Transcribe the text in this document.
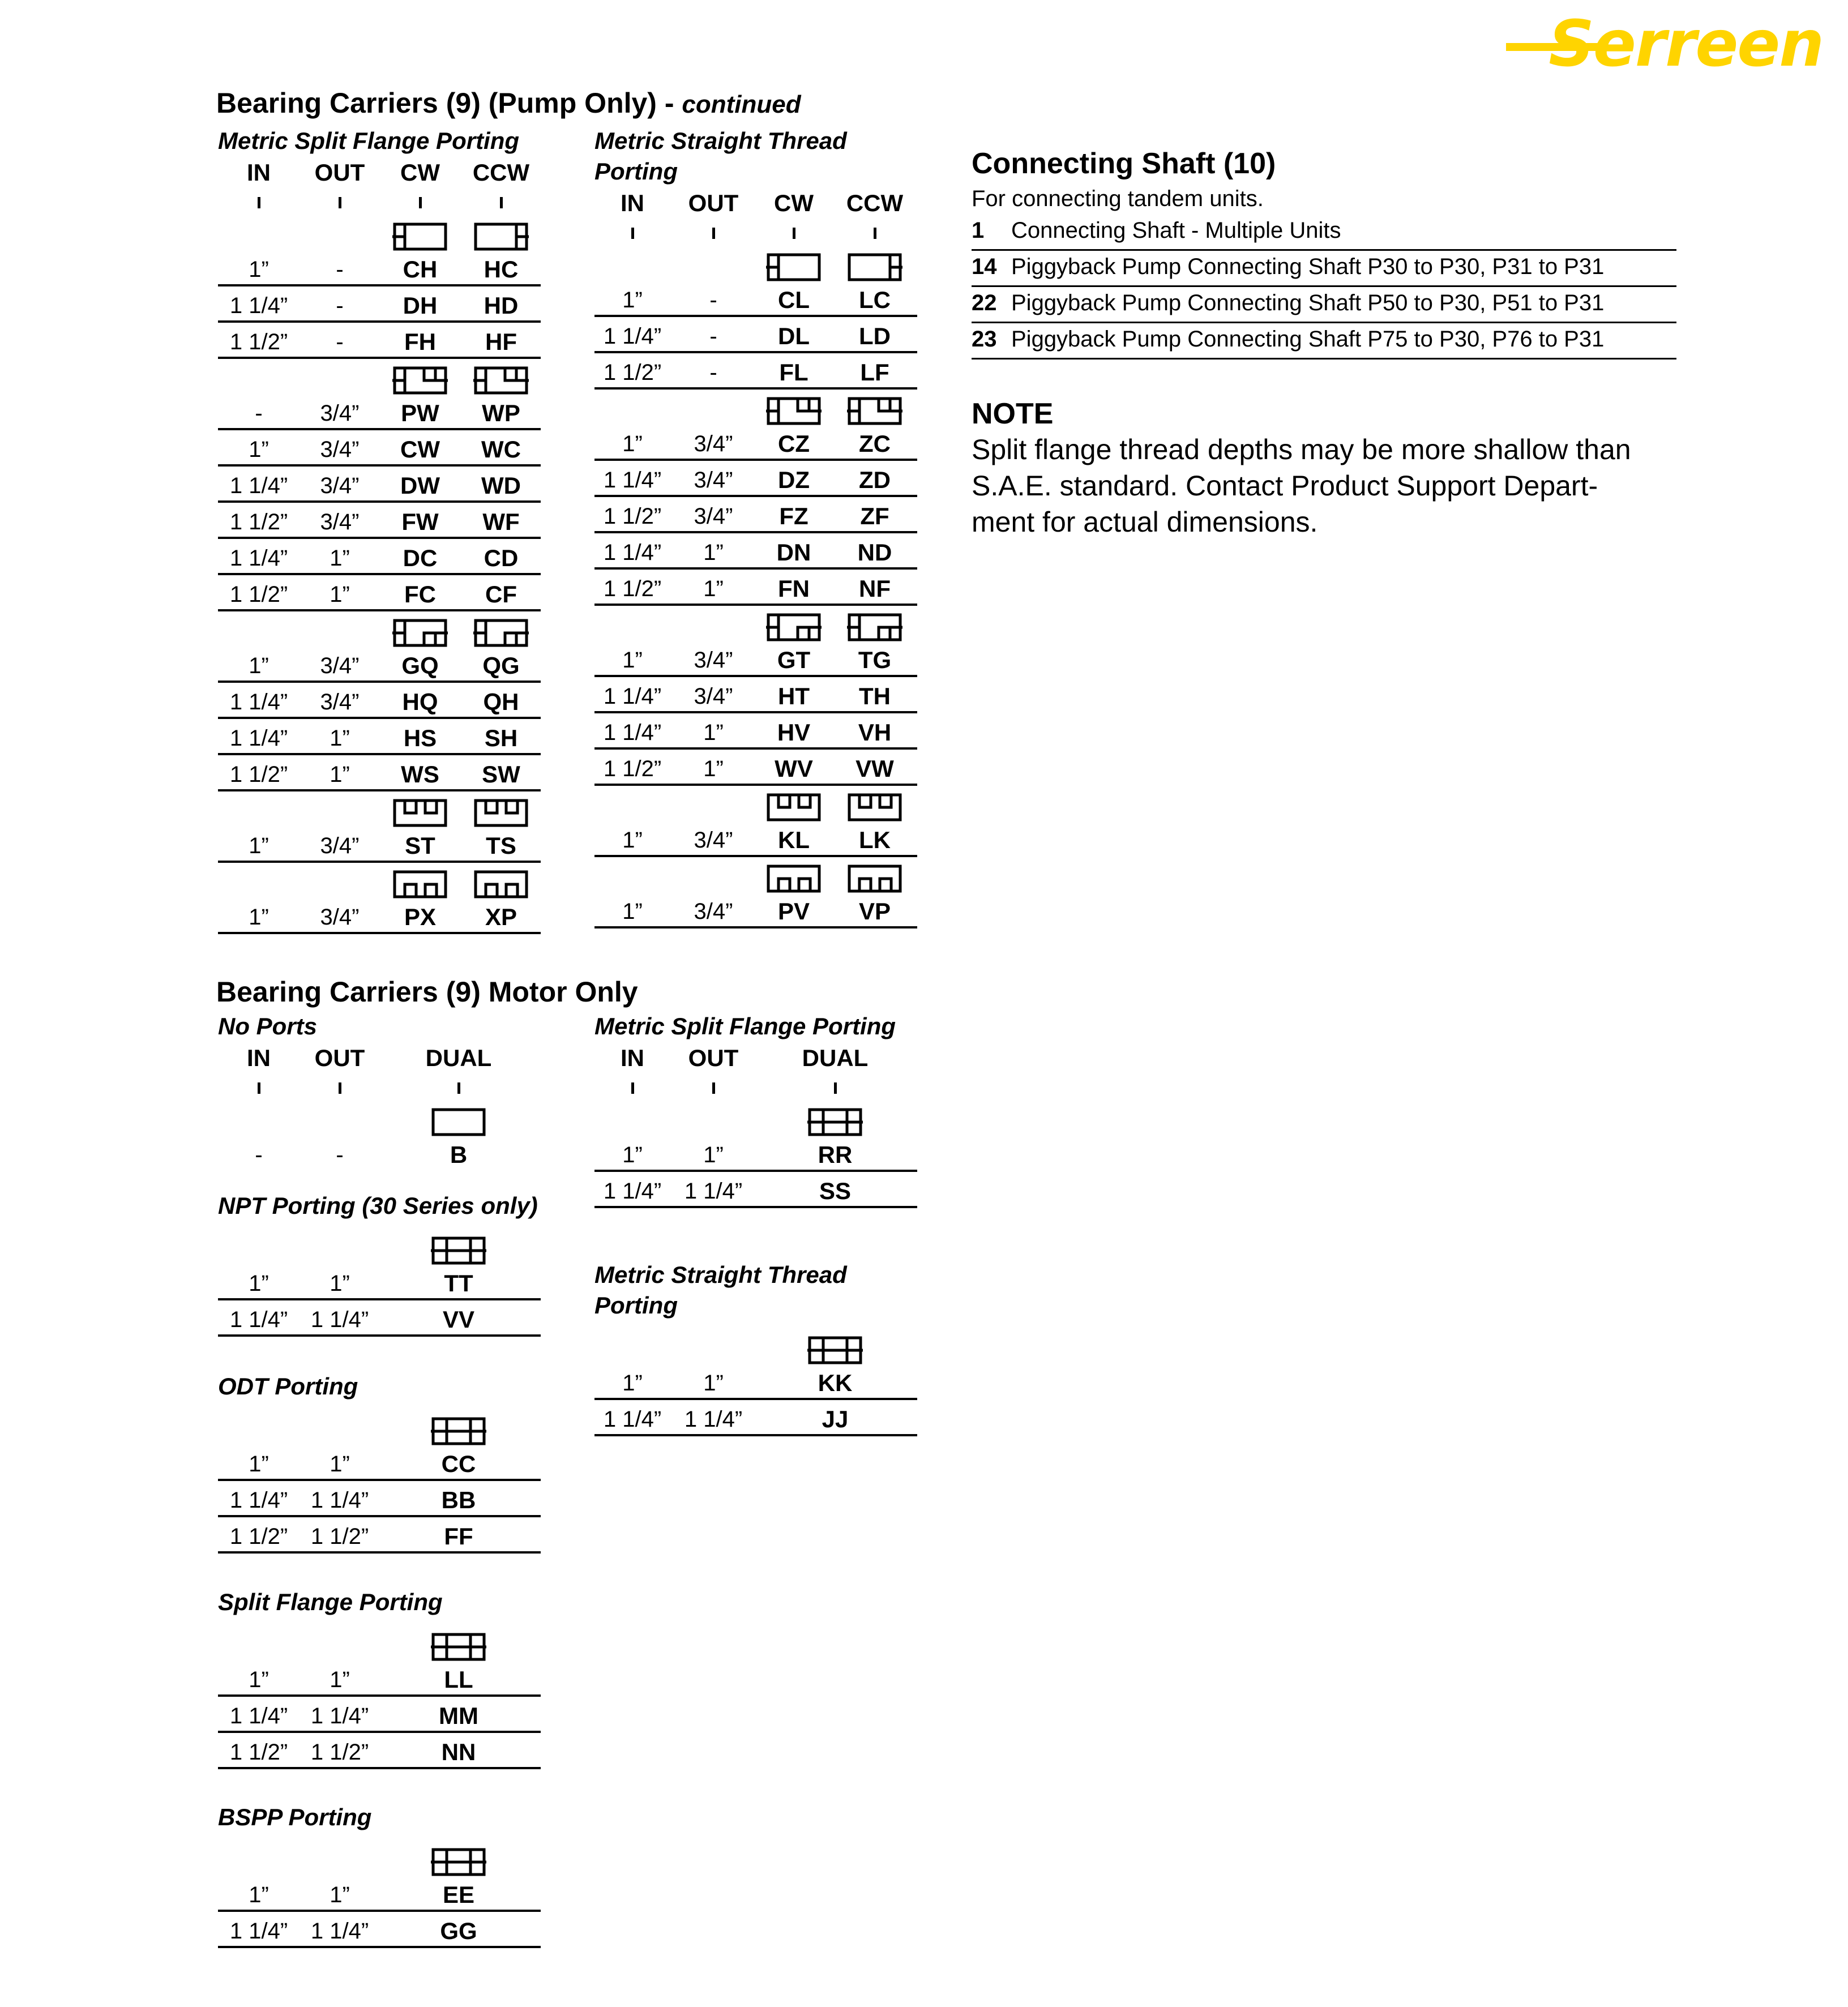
Serreen
Bearing Carriers (9) (Pump Only) - continued
Bearing Carriers (9) Motor Only
Metric Split Flange Porting
IN OUT CW CCW
1”	-	CH HC
1 1/4” -	DH HD
1 1/2” -	FH HF
-	3/4” PW WP
1” 3/4” CW WC
1 1/4” 3/4” DW WD
1 1/2” 3/4” FW WF
1 1/4” 1” DC CD
1 1/2” 1” FC CF
1” 3/4” GQ QG
1 1/4” 3/4” HQ QH
1 1/4” 1” HS SH
1 1/2” 1” WS SW
1” 3/4” ST TS
1” 3/4” PX XP
Metric Straight Thread Porting
IN OUT CW CCW
1”	-	CL LC
1 1/4” -	DL LD
1 1/2” -	FL LF
1” 3/4” CZ ZC
1 1/4” 3/4” DZ ZD
1 1/2” 3/4” FZ ZF
1 1/4” 1” DN ND
1 1/2” 1” FN NF
1” 3/4” GT TG
1 1/4” 3/4” HT TH
1 1/4” 1” HV VH
1 1/2” 1” WV VW
1” 3/4” KL LK
1” 3/4” PV VP
No Ports
IN OUT	DUAL
-	-	B
NPT Porting (30 Series only)
1”	1”	TT
1 1/4” 1 1/4”	VV
ODT Porting
1”	1”	CC
1 1/4” 1 1/4”	BB
1 1/2” 1 1/2”	FF
Split Flange Porting
1”	1”	LL
1 1/4” 1 1/4”	MM
1 1/2” 1 1/2”	NN
BSPP Porting
1”	1”	EE
1 1/4” 1 1/4”	GG
Metric Split Flange Porting
IN OUT	DUAL
1”	1”	RR
1 1/4” 1 1/4”	SS
Metric Straight Thread Porting
1”	1”	KK
1 1/4” 1 1/4”	JJ
Connecting Shaft (10)
For connecting tandem units.
1 Connecting Shaft - Multiple Units
14 Piggyback Pump Connecting Shaft P30 to P30, P31 to P31
22 Piggyback Pump Connecting Shaft P50 to P30, P51 to P31
23 Piggyback Pump Connecting Shaft P75 to P30, P76 to P31
NOTE
Split flange thread depths may be more shallow than
S.A.E. standard. Contact Product Support Depart-
ment for actual dimensions.
